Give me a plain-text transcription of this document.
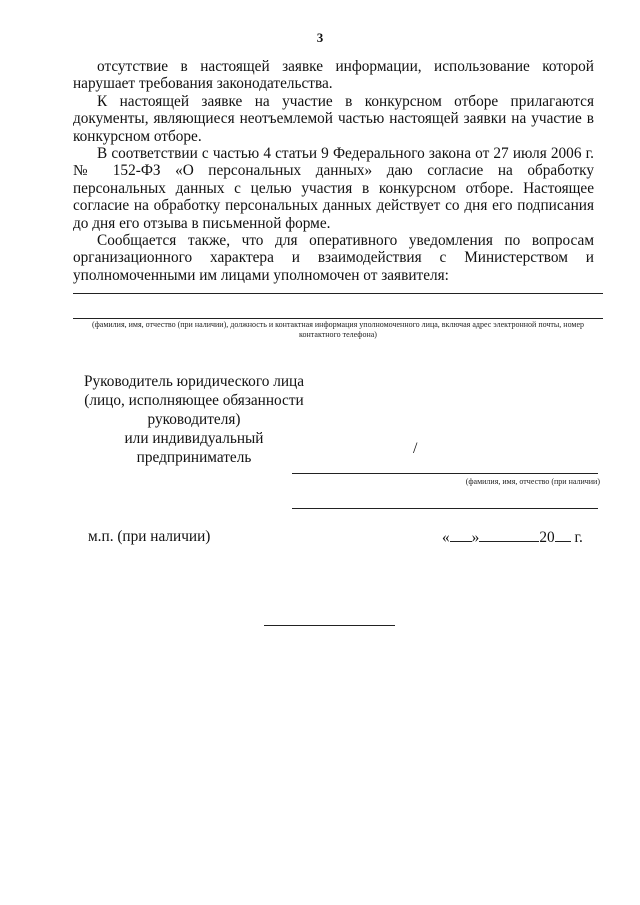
3

отсутствие в настоящей заявке информации, использование которой нарушает требования законодательства.

К настоящей заявке на участие в конкурсном отборе прилагаются документы, являющиеся неотъемлемой частью настоящей заявки на участие в конкурсном отборе.

В соответствии с частью 4 статьи 9 Федерального закона от 27 июля 2006 г. № 152-ФЗ «О персональных данных» даю согласие на обработку персональных данных с целью участия в конкурсном отборе. Настоящее согласие на обработку персональных данных действует со дня его подписания до дня его отзыва в письменной форме.

Сообщается также, что для оперативного уведомления по вопросам организационного характера и взаимодействия с Министерством и уполномоченными им лицами уполномочен от заявителя:

(фамилия, имя, отчество (при наличии), должность и контактная информация уполномоченного лица, включая адрес электронной почты, номер контактного телефона)
Руководитель юридического лица
(лицо, исполняющее обязанности
руководителя)
или индивидуальный
предприниматель
/
(фамилия, имя, отчество (при наличии)
м.п. (при наличии)	« »	20 г.
